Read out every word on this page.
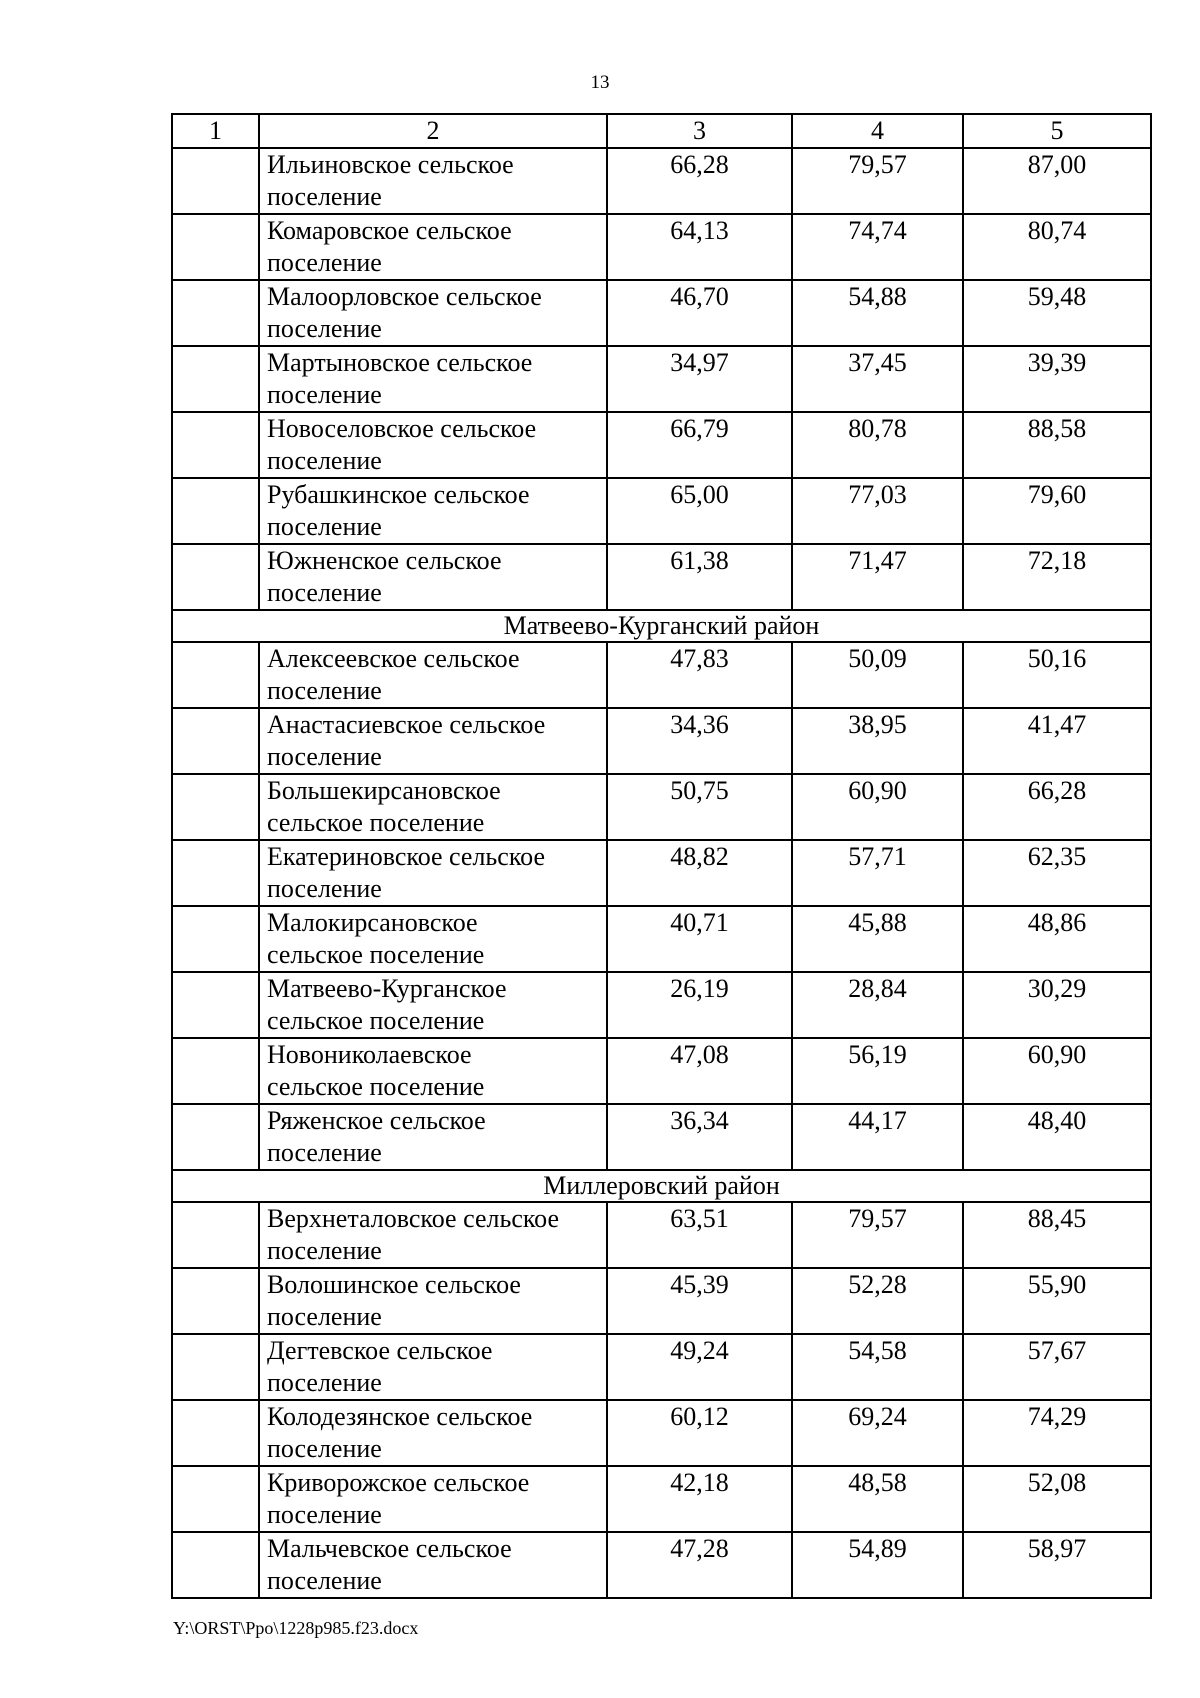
13
1	2	3	4	5

	Ильиновское сельское
поселение	66,28	79,57	87,00

	Комаровское сельское
поселение	64,13	74,74	80,74

	Малоорловское сельское
поселение	46,70	54,88	59,48

	Мартыновское сельское
поселение	34,97	37,45	39,39

	Новоселовское сельское
поселение	66,79	80,78	88,58

	Рубашкинское сельское
поселение	65,00	77,03	79,60

	Южненское сельское
поселение	61,38	71,47	72,18
Матвеево-Курганский район				

	Алексеевское сельское
поселение	47,83	50,09	50,16

	Анастасиевское сельское
поселение	34,36	38,95	41,47

	Большекирсановское
сельское поселение	50,75	60,90	66,28

	Екатериновское сельское
поселение	48,82	57,71	62,35

	Малокирсановское
сельское поселение	40,71	45,88	48,86

	Матвеево-Курганское
сельское поселение	26,19	28,84	30,29

	Новониколаевское
сельское поселение	47,08	56,19	60,90

	Ряженское сельское
поселение	36,34	44,17	48,40
Миллеровский район				

	Верхнеталовское сельское
поселение	63,51	79,57	88,45

	Волошинское сельское
поселение	45,39	52,28	55,90

	Дегтевское сельское
поселение	49,24	54,58	57,67

	Колодезянское сельское
поселение	60,12	69,24	74,29

	Криворожское сельское
поселение	42,18	48,58	52,08

	Мальчевское сельское
поселение	47,28	54,89	58,97
Y:\ORST\Ppo\1228p985.f23.docx
